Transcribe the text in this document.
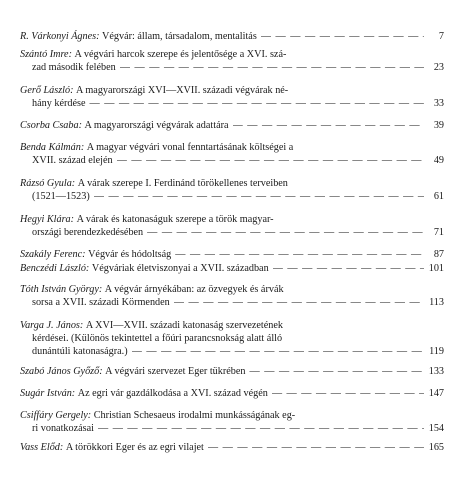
R. Várkonyi Ágnes:
Végvár: állam, társadalom, mentalitás — — —	7
Szántó Imre:
A végvári harcok szerepe és jelentősége a XVI. szá-
zad második felében — — —	23
Gerő László:
A magyarországi XVI—XVII. századi végvárak né-
hány kérdése — — —	33
Csorba Csaba:
A magyarországi végvárak adattára — — —	39
Benda Kálmán:
A magyar végvári vonal fenntartásának költségei a
XVII. század elején — — —	49
Rázsó Gyula:
A várak szerepe I. Ferdinánd törökellenes terveiben
(1521—1523) — — —	61
Hegyi Klára:
A várak és katonaságuk szerepe a török magyar-
országi berendezkedésében — — —	71
Szakály Ferenc:
Végvár és hódoltság — — —	87
Benczédi László:
Végváriak életviszonyai a XVII. században — — —	101
Tóth István György:
A végvár árnyékában: az özvegyek és árvák
sorsa a XVII. századi Körmenden — — —	113
Varga J. János:
A XVI—XVII. századi katonaság szervezetének
kérdései. (Különös tekintettel a főúri parancsnokság alatt álló
dunántúli katonaságra.) — — —	119
Szabó János Győző:
A végvári szervezet Eger tükrében — — —	133
Sugár István:
Az egri vár gazdálkodása a XVI. század végén — — —	147
Csiffáry Gergely:
Christian Schesaeus irodalmi munkásságának eg-
ri vonatkozásai — — —	154
Vass Előd:
A törökkori Eger és az egri vilajet — — —	165
